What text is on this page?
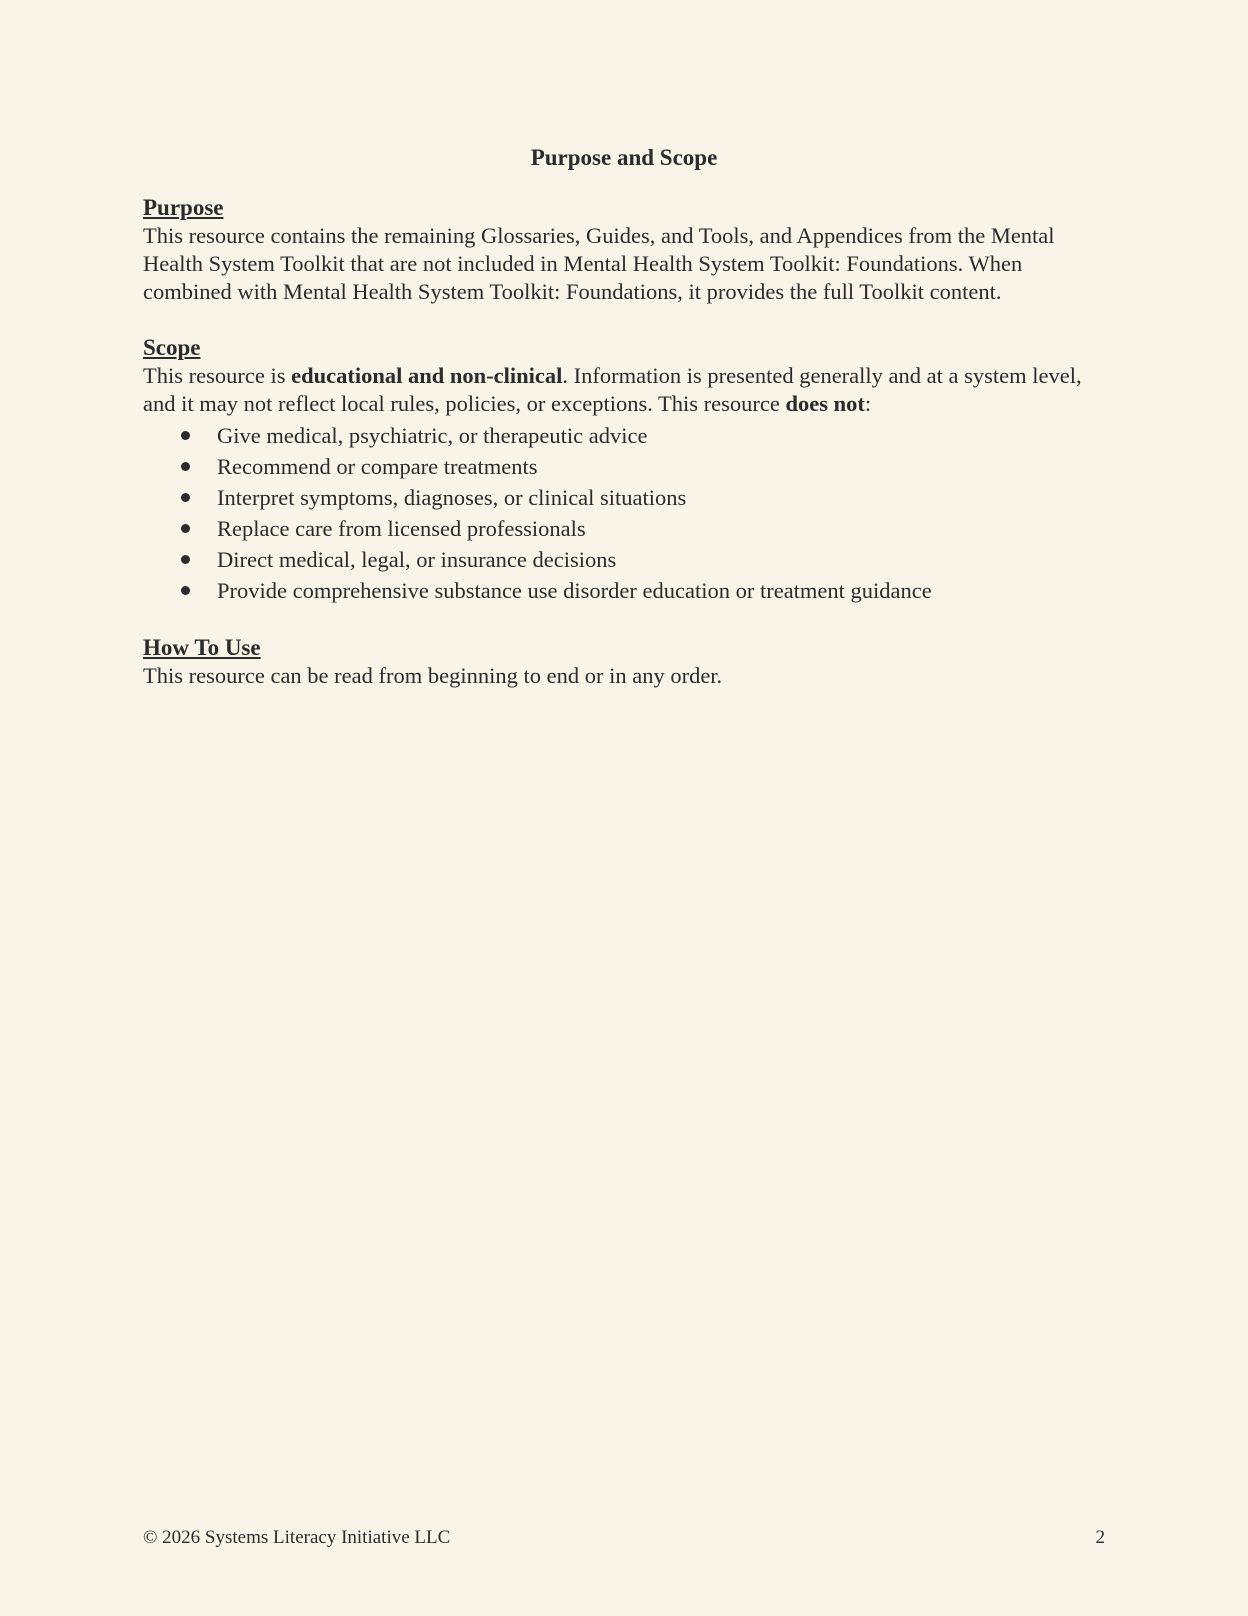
Purpose and Scope
Purpose

This resource contains the remaining Glossaries, Guides, and Tools, and Appendices from the Mental Health System Toolkit that are not included in Mental Health System Toolkit: Foundations. When combined with Mental Health System Toolkit: Foundations, it provides the full Toolkit content.

Scope

This resource is educational and non-clinical. Information is presented generally and at a system level, and it may not reflect local rules, policies, or exceptions. This resource does not:

Give medical, psychiatric, or therapeutic advice
Recommend or compare treatments
Interpret symptoms, diagnoses, or clinical situations
Replace care from licensed professionals
Direct medical, legal, or insurance decisions
Provide comprehensive substance use disorder education or treatment guidance
How To Use

This resource can be read from beginning to end or in any order.

© 2026 Systems Literacy Initiative LLC	2
